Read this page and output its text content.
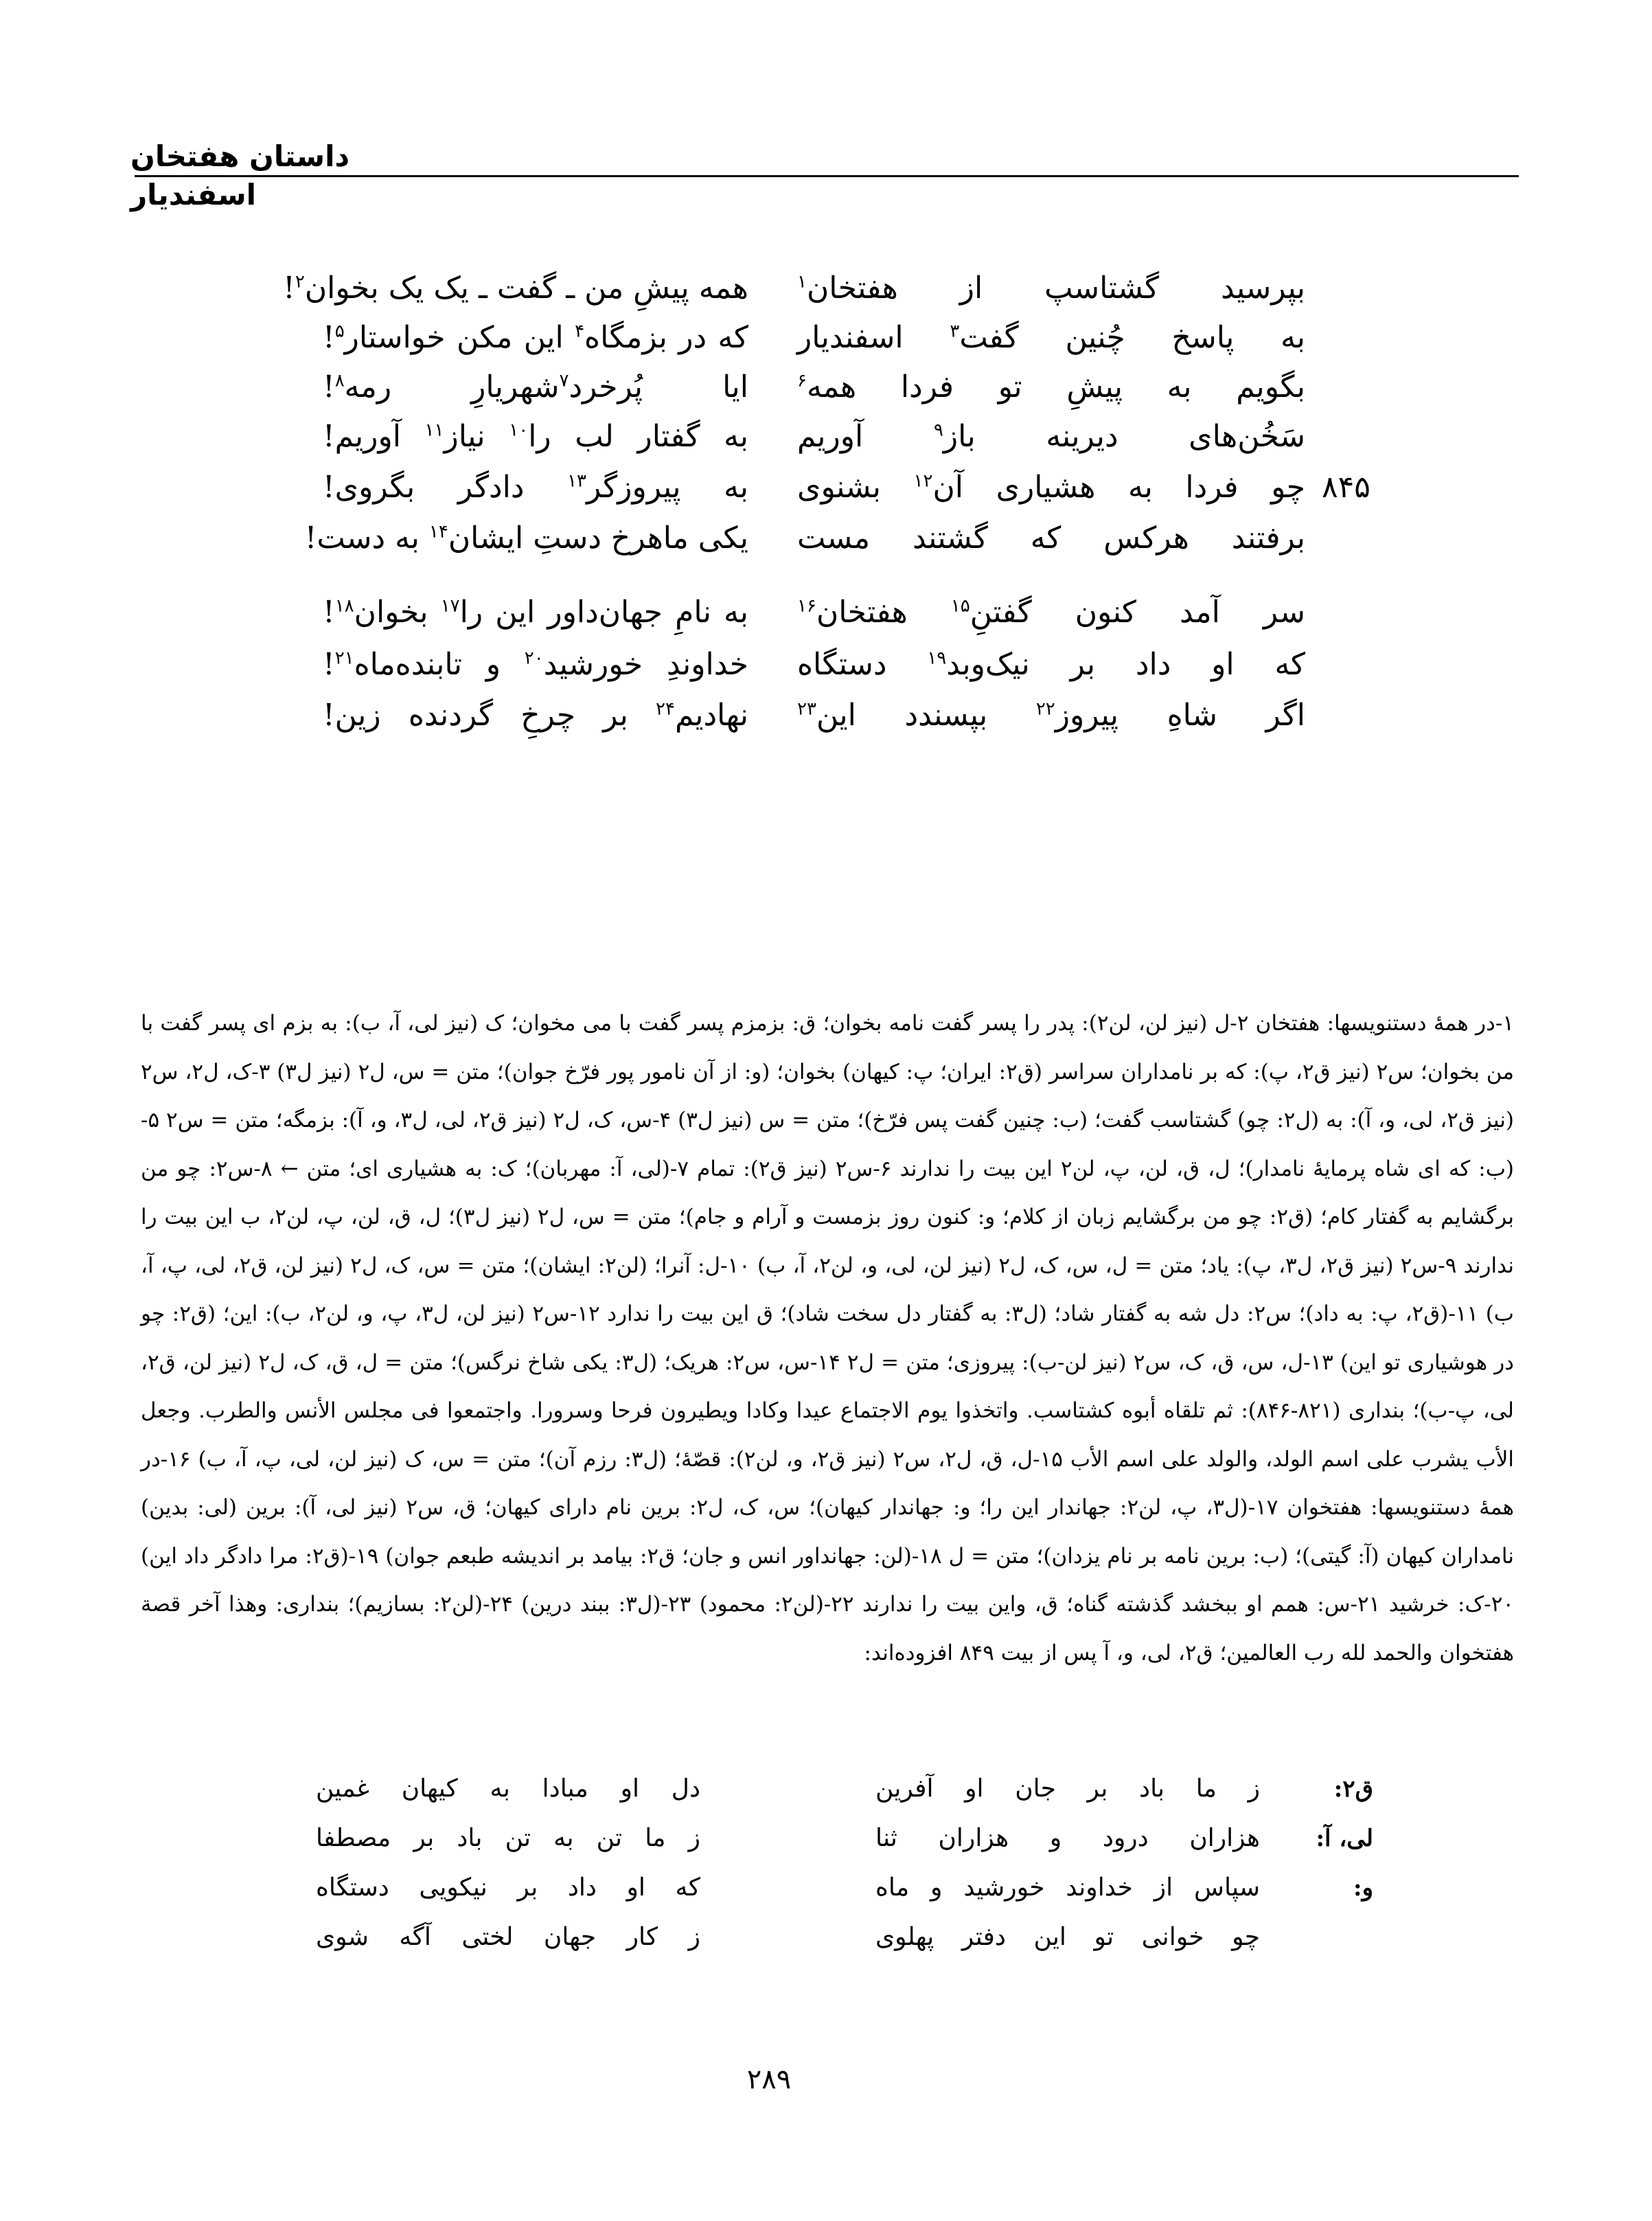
داستان هفتخان اسفندیار
بپرسید گشتاسپ از هفتخان$^۱$
همه پیشِ من ـ گفت ـ یک یک بخوان$^۲$!
به پاسخ چُنین گفت$^۳$ اسفندیار
که در بزمگاه$^۴$ این مکن خواستار$^۵$!
بگویم به پیشِ تو فردا همه$^۶$
ایا پُرخرد$^۷$شهریارِ رمه$^۸$!
سَخُن‌های دیرینه باز$^۹$ آوریم
به گفتار لب را$^{۱۰}$ نیاز$^{۱۱}$ آوریم!
۸۴۵
چو فردا به هشیاری آن$^{۱۲}$ بشنوی
به پیروزگر$^{۱۳}$ دادگر بگروی!
برفتند هرکس که گشتند مست
یکی ماهرخ دستِ ایشان$^{۱۴}$ به دست!
سر آمد کنون گفتنِ$^{۱۵}$ هفتخان$^{۱۶}$
به نامِ جهان‌داور این را$^{۱۷}$ بخوان$^{۱۸}$!
که او داد بر نیک‌وبد$^{۱۹}$ دستگاه
خداوندِ خورشید$^{۲۰}$ و تابنده‌ماه$^{۲۱}$!
اگر شاهِ پیروز$^{۲۲}$ بپسندد این$^{۲۳}$
نهادیم$^{۲۴}$ بر چرخِ گردنده زین!
۱-در همهٔ دستنویسها: هفتخان ۲-ل (نیز لن، لن۲): پدر را پسر گفت نامه بخوان؛ ق: بزمزم پسر گفت با می مخوان؛ ک (نیز لی، آ، ب): به بزم ای پسر گفت با من بخوان؛ س۲ (نیز ق۲، پ): که بر نامداران سراسر (ق۲: ایران؛ پ: کیهان) بخوان؛ (و: از آن نامور پور فرّخ جوان)؛ متن = س، ل۲ (نیز ل۳) ۳-ک، ل۲، س۲ (نیز ق۲، لی، و، آ): به (ل۲: چو) گشتاسب گفت؛ (ب: چنین گفت پس فرّخ)؛ متن = س (نیز ل۳) ۴-س، ک، ل۲ (نیز ق۲، لی، ل۳، و، آ): بزمگه؛ متن = س۲ ۵-(ب: که ای شاه پرمایهٔ نامدار)؛ ل، ق، لن، پ، لن۲ این بیت را ندارند ۶-س۲ (نیز ق۲): تمام ۷-(لی، آ: مهربان)؛ ک: به هشیاری ای؛ متن ← ۸-س۲: چو من برگشایم به گفتار کام؛ (ق۲: چو من برگشایم زبان از کلام؛ و: کنون روز بزمست و آرام و جام)؛ متن = س، ل۲ (نیز ل۳)؛ ل، ق، لن، پ، لن۲، ب این بیت را ندارند ۹-س۲ (نیز ق۲، ل۳، پ): یاد؛ متن = ل، س، ک، ل۲ (نیز لن، لی، و، لن۲، آ، ب) ۱۰-ل: آنرا؛ (لن۲: ایشان)؛ متن = س، ک، ل۲ (نیز لن، ق۲، لی، پ، آ، ب) ۱۱-(ق۲، پ: به داد)؛ س۲: دل شه به گفتار شاد؛ (ل۳: به گفتار دل سخت شاد)؛ ق این بیت را ندارد ۱۲-س۲ (نیز لن، ل۳، پ، و، لن۲، ب): این؛ (ق۲: چو در هوشیاری تو این) ۱۳-ل، س، ق، ک، س۲ (نیز لن-ب): پیروزی؛ متن = ل۲ ۱۴-س، س۲: هریک؛ (ل۳: یکی شاخ نرگس)؛ متن = ل، ق، ک، ل۲ (نیز لن، ق۲، لی، پ-ب)؛ بنداری (۸۲۱-۸۴۶): ثم تلقاه أبوه کشتاسب. واتخذوا یوم الاجتماع عیدا وکادا ویطیرون فرحا وسرورا. واجتمعوا فی مجلس الأنس والطرب. وجعل الأب یشرب علی اسم الولد، والولد علی اسم الأب ۱۵-ل، ق، ل۲، س۲ (نیز ق۲، و، لن۲): قصّهٔ؛ (ل۳: رزم آن)؛ متن = س، ک (نیز لن، لی، پ، آ، ب) ۱۶-در همهٔ دستنویسها: هفتخوان ۱۷-(ل۳، پ، لن۲: جهاندار این را؛ و: جهاندار کیهان)؛ س، ک، ل۲: برین نام دارای کیهان؛ ق، س۲ (نیز لی، آ): برین (لی: بدین) نامداران کیهان (آ: گیتی)؛ (ب: برین نامه بر نام یزدان)؛ متن = ل ۱۸-(لن: جهانداور انس و جان؛ ق۲: بیامد بر اندیشه طبعم جوان) ۱۹-(ق۲: مرا دادگر داد این) ۲۰-ک: خرشید ۲۱-س: همم او ببخشد گذشته گناه؛ ق، واین بیت را ندارند ۲۲-(لن۲: محمود) ۲۳-(ل۳: ببند درین) ۲۴-(لن۲: بسازیم)؛ بنداری: وهذا آخر قصة هفتخوان والحمد لله رب العالمین؛ ق۲، لی، و، آ پس از بیت ۸۴۹ افزوده‌اند:
ق۲:
ز ما باد بر جان او آفرین
دل او مبادا به کیهان غمین
لی، آ:
هزاران درود و هزاران ثنا
ز ما تن به تن باد بر مصطفا
و:
سپاس از خداوند خورشید و ماه
که او داد بر نیکویی دستگاه
چو خوانی تو این دفتر پهلوی
ز کار جهان لختی آگه شوی
۲۸۹
